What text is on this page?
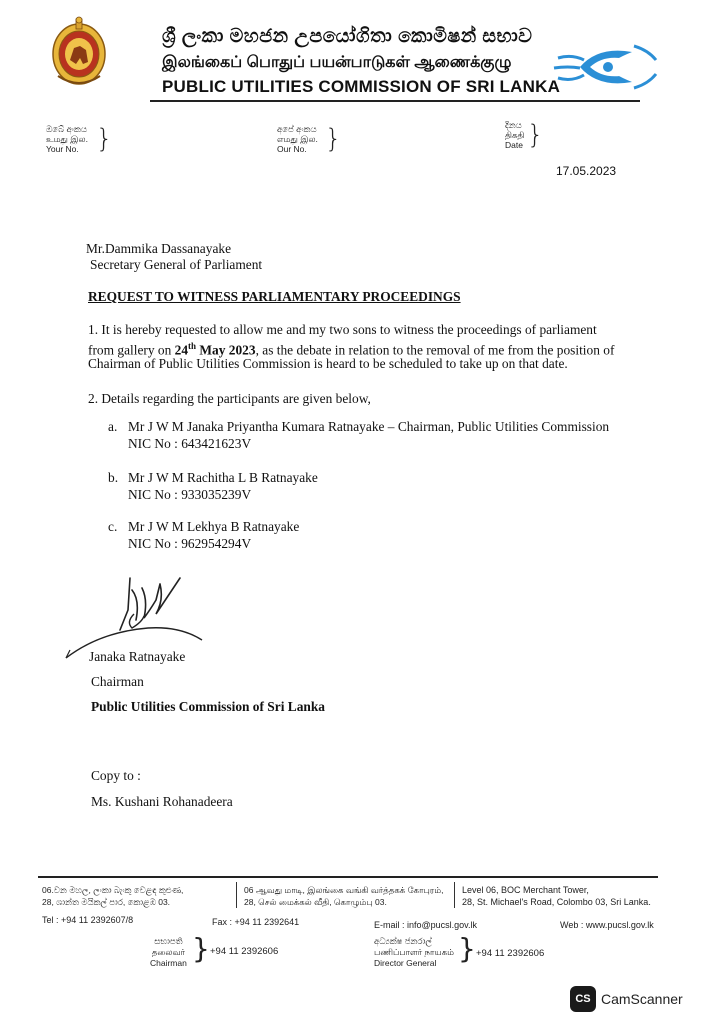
ශ්‍රී ලංකා මහජන උපයෝගිතා කොමිෂන් සභාව
இலங்கைப் பொதுப் பயன்பாடுகள் ஆணைக்குழு
PUBLIC UTILITIES COMMISSION OF SRI LANKA
ඔබේ අංකය
உமது இல.
Your No. }	අපේ අංකය
எமது இல.
Our No. }	දිනය
திகதி
Date }
17.05.2023
Mr.Dammika Dassanayake
Secretary General of Parliament
REQUEST TO WITNESS PARLIAMENTARY PROCEEDINGS
1. It is hereby requested to allow me and my two sons to witness the proceedings of parliament
from gallery on 24th May 2023, as the debate in relation to the removal of me from the position of
Chairman of Public Utilities Commission is heard to be scheduled to take up on that date.
2. Details regarding the participants are given below,
a. Mr J W M Janaka Priyantha Kumara Ratnayake – Chairman, Public Utilities Commission
NIC No : 643421623V
b. Mr J W M Rachitha L B Ratnayake
NIC No : 933035239V
c. Mr J W M Lekhya B Ratnayake
NIC No : 962954294V
Janaka Ratnayake
Chairman
Public Utilities Commission of Sri Lanka
Copy to :
Ms. Kushani Rohanadeera
06.වන මහල, ලංකා බැංකු වෙළඳ කුළුණ,
28, ශාන්ත මයිකල් පාර, කොළඹ 03.
06 ஆவது மாடி, இலங்கை வங்கி வர்த்தகக் கோபுரம்,
28, செல் மைக்கல் வீதி, கொழும்பு 03.
Level 06, BOC Merchant Tower,
28, St. Michael's Road, Colombo 03, Sri Lanka.
Tel : +94 11 2392607/8	Fax : +94 11 2392641	E-mail : info@pucsl.gov.lk	Web : www.pucsl.gov.lk
සභාපති
தலைவர்
Chairman } +94 11 2392606
අධ්‍යක්ෂ ජනරාල්
பணிப்பாளர் நாயகம்
Director General } +94 11 2392606
CS CamScanner
